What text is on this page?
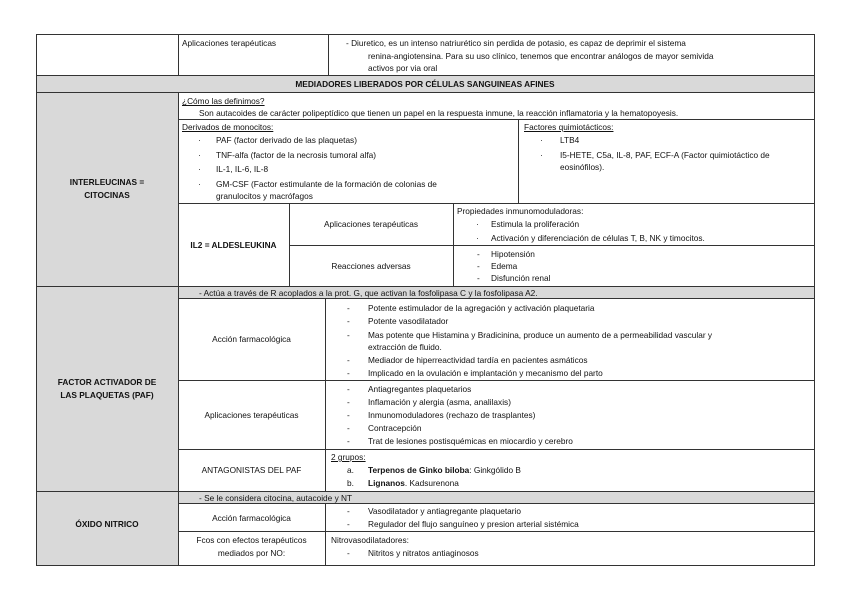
Aplicaciones terapéuticas	- Diuretico, es un intenso natriurético sin perdida de potasio, es capaz de deprimir el sistema
renina-angiotensina. Para su uso clínico, tenemos que encontrar análogos de mayor semivida
activos por via oral
MEDIADORES LIBERADOS POR CÉLULAS SANGUINEAS AFINES
INTERLEUCINAS =
CITOCINAS
¿Cómo las definimos?
Son autacoides de carácter polipeptídico que tienen un papel en la respuesta inmune, la reacción inflamatoria y la hematopoyesis.
Derivados de monocitos:
· PAF (factor derivado de las plaquetas)
· TNF-alfa (factor de la necrosis tumoral alfa)
· IL-1, IL-6, IL-8
· GM-CSF (Factor estimulante de la formación de colonias de
granulocitos y macrófagos
Factores quimiotácticos:
· LTB4
· I5-HETE, C5a, IL-8, PAF, ECF-A (Factor quimiotáctico de
eosinófilos).
IL2 = ALDESLEUKINA
Aplicaciones terapéuticas
Propiedades inmunomoduladoras:
· Estimula la proliferación
· Activación y diferenciación de células T, B, NK y timocitos.
Reacciones adversas
- Hipotensión
- Edema
- Disfunción renal
FACTOR ACTIVADOR DE
LAS PLAQUETAS (PAF)
- Actúa a través de R acoplados a la prot. G, que activan la fosfolipasa C y la fosfolipasa A2.
Acción farmacológica
- Potente estimulador de la agregación y activación plaquetaria
- Potente vasodilatador
- Mas potente que Histamina y Bradicinina, produce un aumento de a permeabilidad vascular y
extracción de fluido.
- Mediador de hiperreactividad tardía en pacientes asmáticos
- Implicado en la ovulación e implantación y mecanismo del parto
Aplicaciones terapéuticas
- Antiagregantes plaquetarios
- Inflamación y alergia (asma, analilaxis)
- Inmunomoduladores (rechazo de trasplantes)
- Contracepción
- Trat de lesiones postisquémicas en miocardio y cerebro
ANTAGONISTAS DEL PAF
2 grupos:
a. Terpenos de Ginko biloba: Ginkgólido B
b. Lignanos. Kadsurenona
ÓXIDO NITRICO
- Se le considera citocina, autacoide y NT
Acción farmacológica
- Vasodilatador y antiagregante plaquetario
- Regulador del flujo sanguíneo y presion arterial sistémica
Fcos con efectos terapéuticos
mediados por NO:
Nitrovasodilatadores:
- Nitritos y nitratos antiaginosos
